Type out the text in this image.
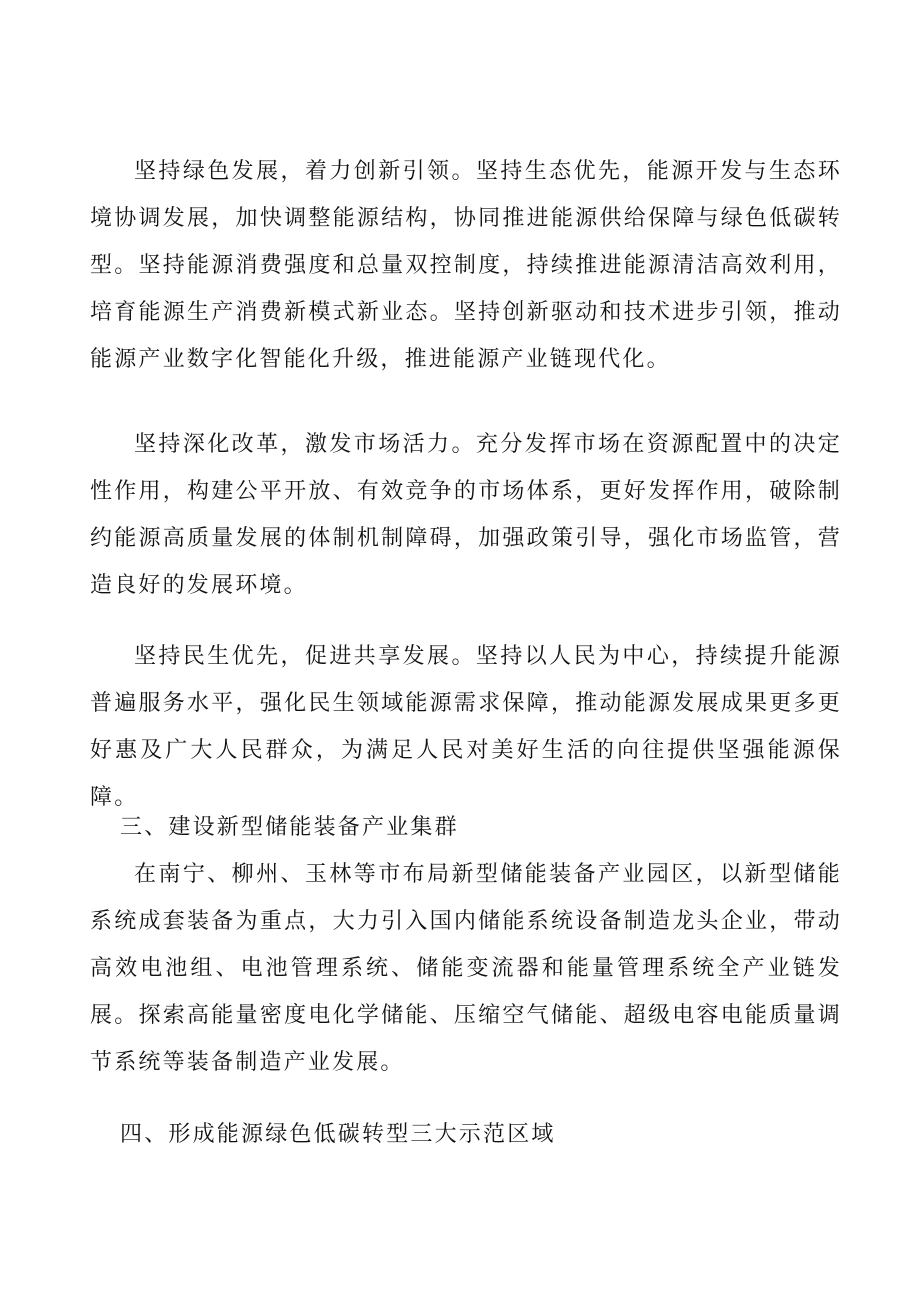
坚持绿色发展，着力创新引领。坚持生态优先，能源开发与生态环境协调发展，加快调整能源结构，协同推进能源供给保障与绿色低碳转型。坚持能源消费强度和总量双控制度，持续推进能源清洁高效利用，培育能源生产消费新模式新业态。坚持创新驱动和技术进步引领，推动能源产业数字化智能化升级，推进能源产业链现代化。

坚持深化改革，激发市场活力。充分发挥市场在资源配置中的决定性作用，构建公平开放、有效竞争的市场体系，更好发挥作用，破除制约能源高质量发展的体制机制障碍，加强政策引导，强化市场监管，营造良好的发展环境。

坚持民生优先，促进共享发展。坚持以人民为中心，持续提升能源普遍服务水平，强化民生领域能源需求保障，推动能源发展成果更多更好惠及广大人民群众，为满足人民对美好生活的向往提供坚强能源保障。

三、建设新型储能装备产业集群

在南宁、柳州、玉林等市布局新型储能装备产业园区，以新型储能系统成套装备为重点，大力引入国内储能系统设备制造龙头企业，带动高效电池组、电池管理系统、储能变流器和能量管理系统全产业链发展。探索高能量密度电化学储能、压缩空气储能、超级电容电能质量调节系统等装备制造产业发展。

四、形成能源绿色低碳转型三大示范区域
